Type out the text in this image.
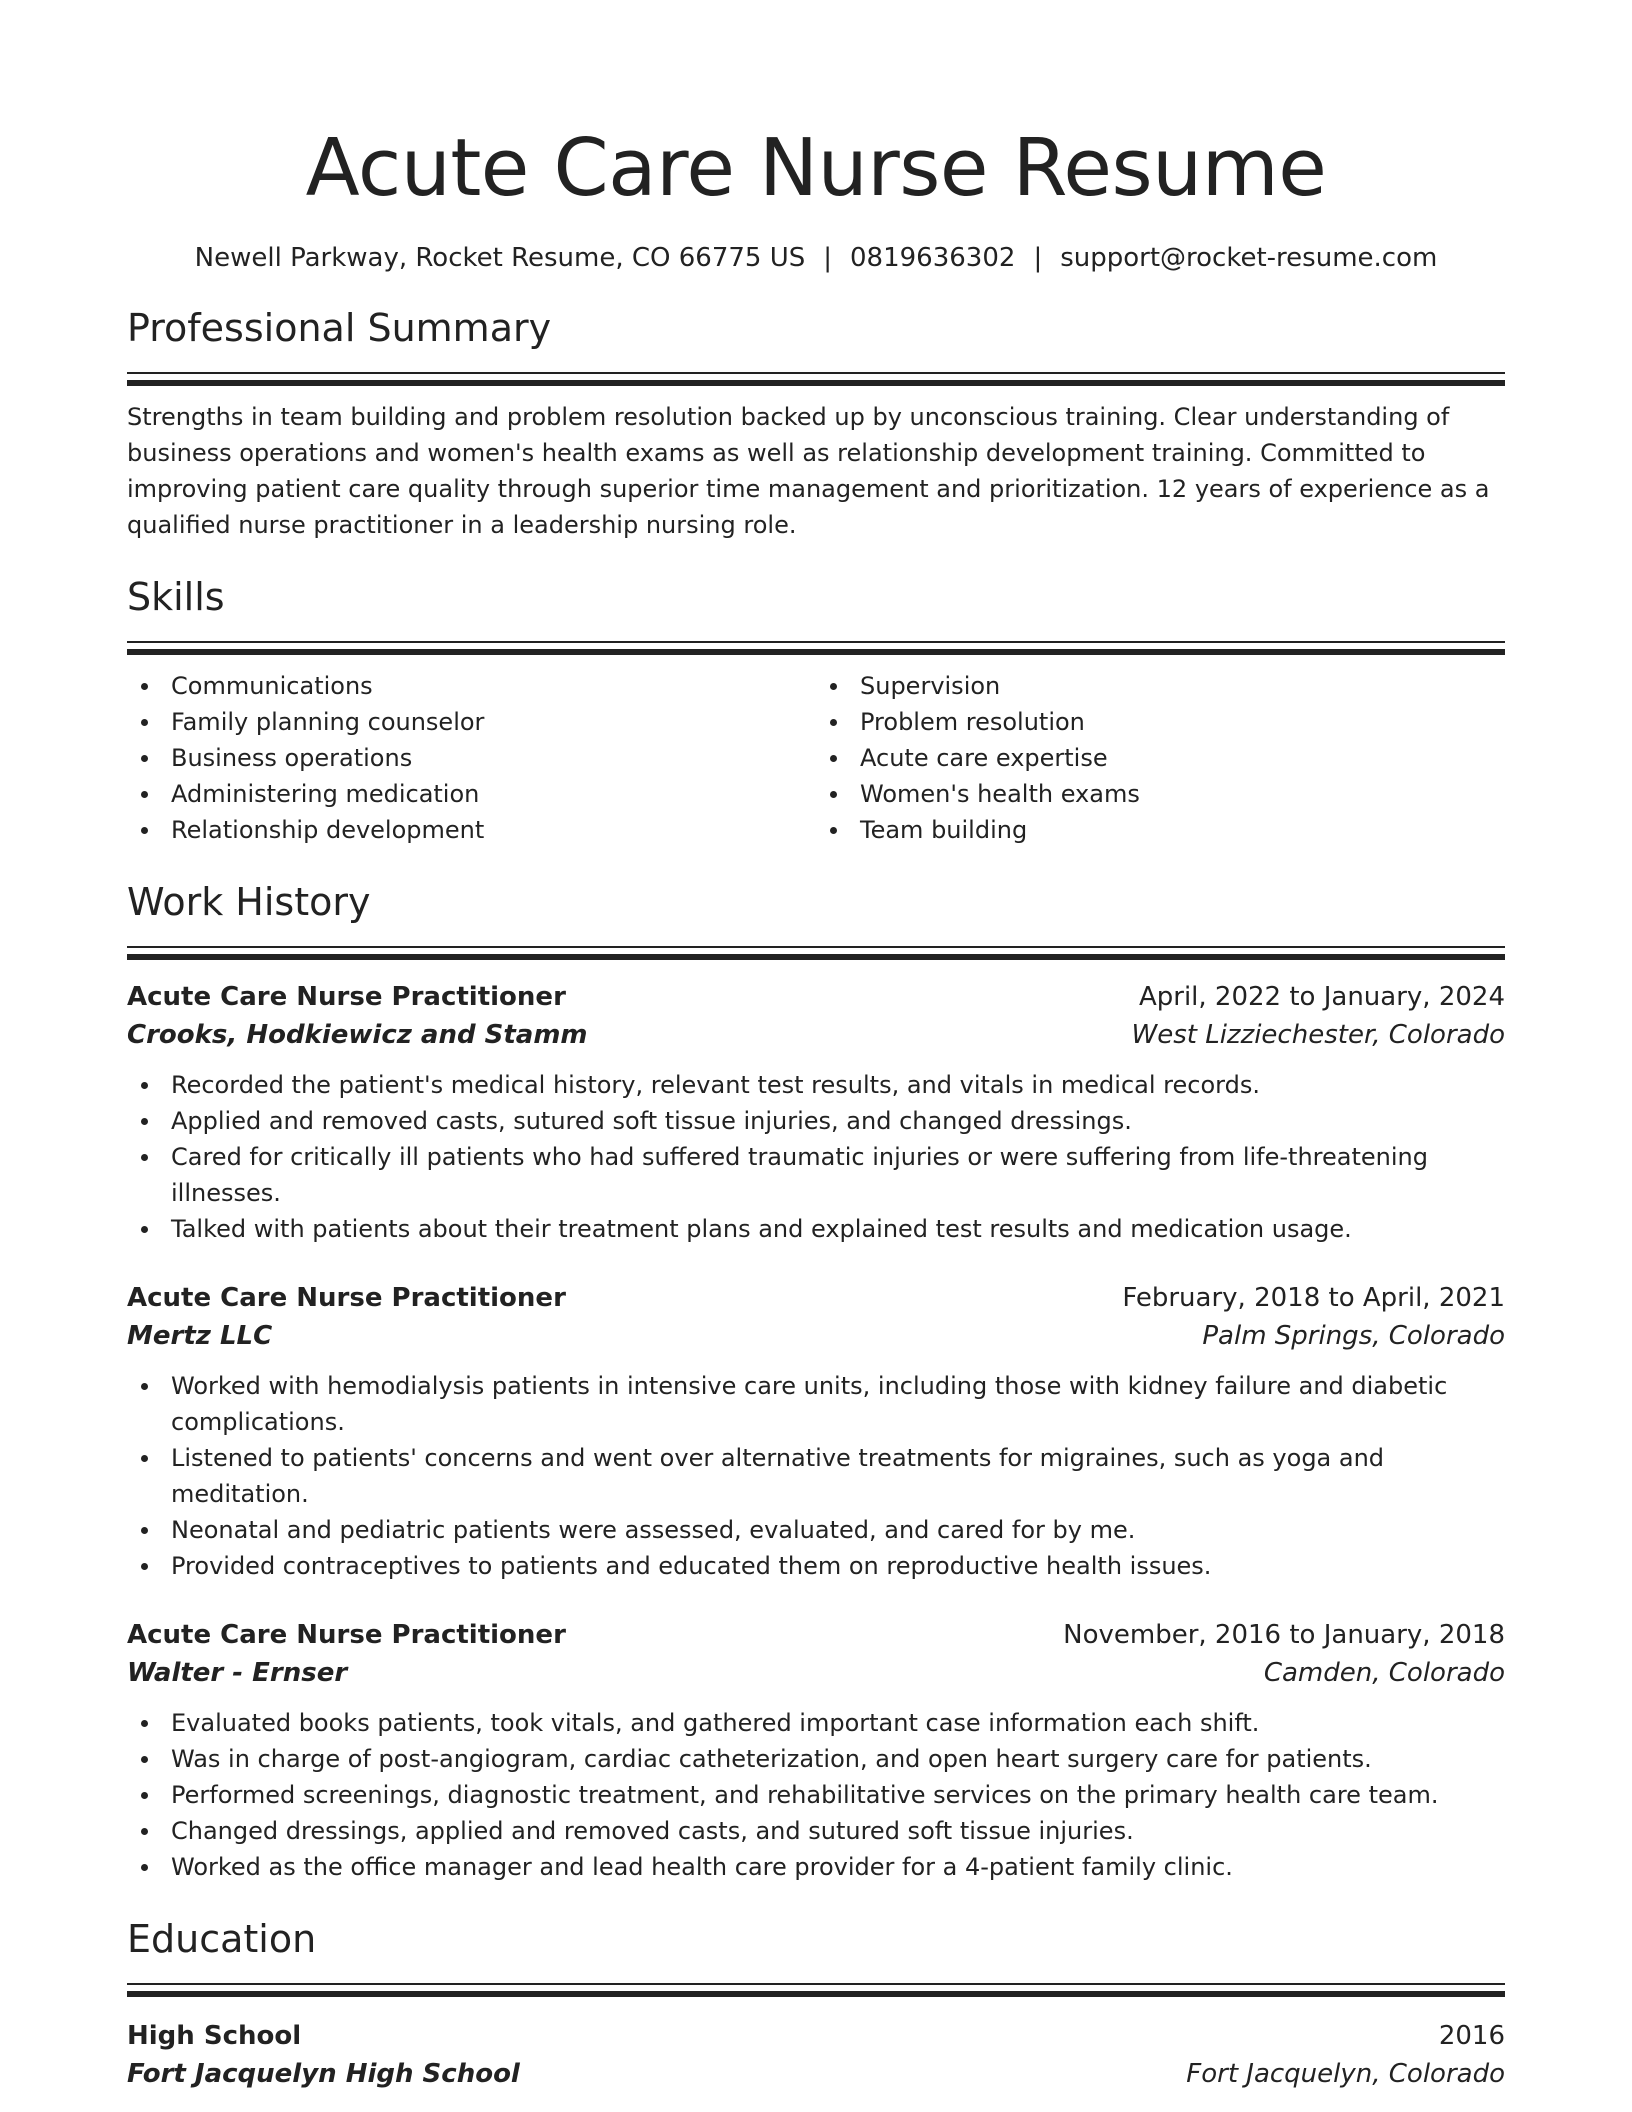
Acute Care Nurse Resume
Newell Parkway, Rocket Resume, CO 66775 US | 0819636302 | support@rocket-resume.com
Professional Summary

Strengths in team building and problem resolution backed up by unconscious training. Clear understanding of business operations and women's health exams as well as relationship development training. Committed to improving patient care quality through superior time management and prioritization. 12 years of experience as a qualified nurse practitioner in a leadership nursing role.

Skills
Communications
Family planning counselor
Business operations
Administering medication
Relationship development
Supervision
Problem resolution
Acute care expertise
Women's health exams
Team building
Work History
Acute Care Nurse Practitioner	April, 2022 to January, 2024
Crooks, Hodkiewicz and Stamm	West Lizziechester, Colorado
Recorded the patient's medical history, relevant test results, and vitals in medical records.
Applied and removed casts, sutured soft tissue injuries, and changed dressings.
Cared for critically ill patients who had suffered traumatic injuries or were suffering from life-threatening illnesses.
Talked with patients about their treatment plans and explained test results and medication usage.
Acute Care Nurse Practitioner	February, 2018 to April, 2021
Mertz LLC	Palm Springs, Colorado
Worked with hemodialysis patients in intensive care units, including those with kidney failure and diabetic complications.
Listened to patients' concerns and went over alternative treatments for migraines, such as yoga and meditation.
Neonatal and pediatric patients were assessed, evaluated, and cared for by me.
Provided contraceptives to patients and educated them on reproductive health issues.
Acute Care Nurse Practitioner	November, 2016 to January, 2018
Walter - Ernser	Camden, Colorado
Evaluated books patients, took vitals, and gathered important case information each shift.
Was in charge of post-angiogram, cardiac catheterization, and open heart surgery care for patients.
Performed screenings, diagnostic treatment, and rehabilitative services on the primary health care team.
Changed dressings, applied and removed casts, and sutured soft tissue injuries.
Worked as the office manager and lead health care provider for a 4-patient family clinic.
Education
High School	2016
Fort Jacquelyn High School	Fort Jacquelyn, Colorado
